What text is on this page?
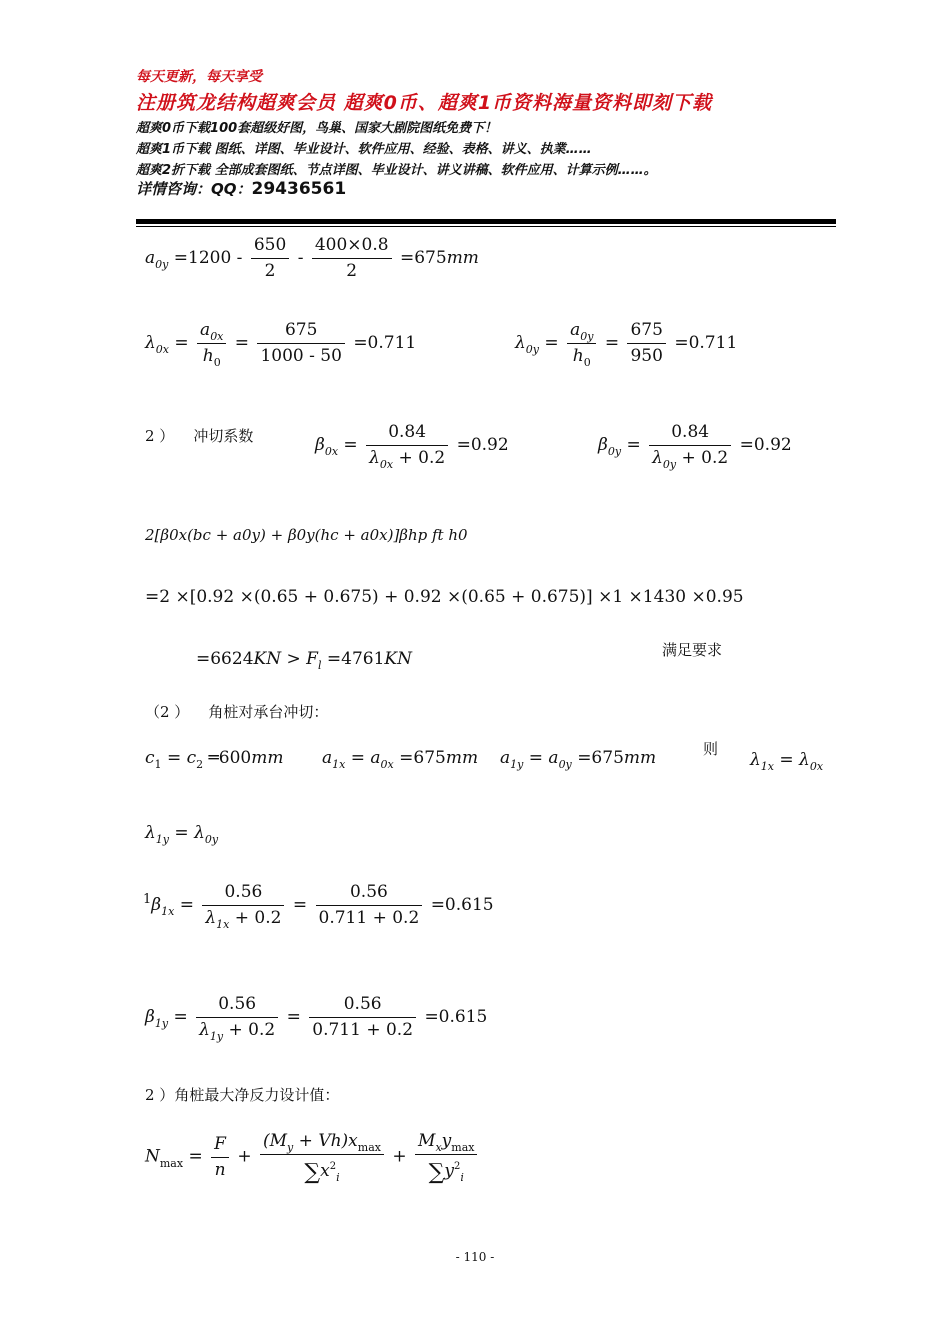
每天更新，每天享受
注册筑龙结构超爽会员 超爽0币、超爽1币资料海量资料即刻下载
超爽0币下载100套超级好图，鸟巢、国家大剧院图纸免费下！
超爽1币下载 图纸、详图、毕业设计、软件应用、经验、表格、讲义、执業……
超爽2折下载 全部成套图纸、节点详图、毕业设计、讲义讲稿、软件应用、计算示例……。
详情咨询：QQ：29436561
$a_{0y} =1200 - \frac{650}{2} - \frac{400\times 0.8}{2} =675mm$
$\lambda_{0x} = \frac{a_{0x}}{h_0} = \frac{675}{1000 - 50} =0.711$	$\lambda_{0y} = \frac{a_{0y}}{h_0} = \frac{675}{950} =0.711$
2 ） 冲切系数	$\beta_{0x} = \frac{0.84}{\lambda_{0x} + 0.2} =0.92$	$\beta_{0y} = \frac{0.84}{\lambda_{0y} + 0.2} =0.92$
2[β0x(bc + a0y) + β0y(hc + a0x)]βhp ft h0
=2 ×[0.92 ×(0.65 + 0.675) + 0.92 ×(0.65 + 0.675)] ×1 ×1430 ×0.95
$=6624KN > F_l =4761KN$	满足要求
（2 ） 角桩对承台冲切：
$c_1 = c_2$ ═600mm $a_{1x} = a_{0x} =675mm$ $a_{1y} = a_{0y} =675mm$	则
$\lambda_{1x} = \lambda_{0x}$
$\lambda_{1y} = \lambda_{0y}$
$^1\beta_{1x} = \frac{0.56}{\lambda_{1x} + 0.2} = \frac{0.56}{0.711 + 0.2} =0.615$
$\beta_{1y} = \frac{0.56}{\lambda_{1y} + 0.2} = \frac{0.56}{0.711 + 0.2} =0.615$
2 ）角桩最大净反力设计值：
$N_{max} = \frac{F}{n} + \frac{(M_y + Vh)x_{max}}{\sum x^2_i} + \frac{M_xy_{max}}{\sum y^2_i}$
- 110 -
